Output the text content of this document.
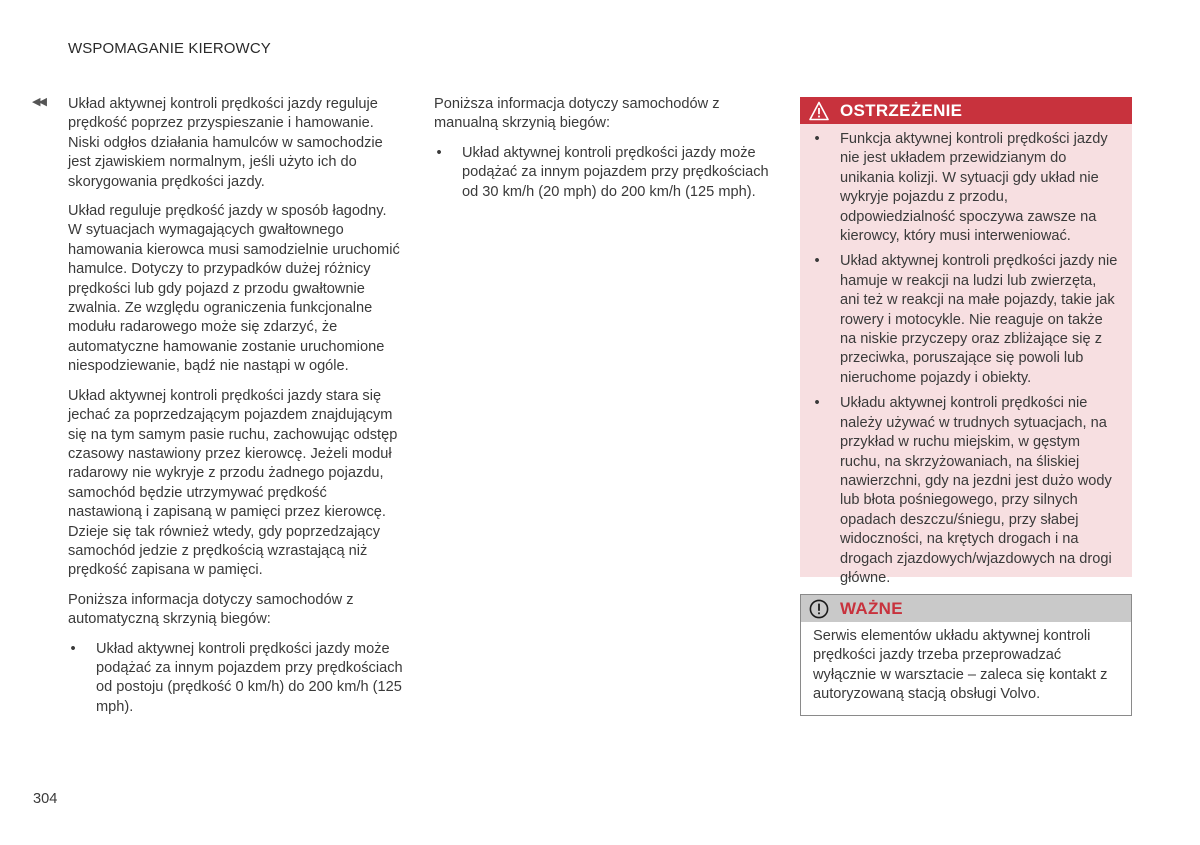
WSPOMAGANIE KIEROWCY
◀◀ Układ aktywnej kontroli prędkości jazdy reguluje prędkość poprzez przyspieszanie i hamowanie. Niski odgłos działania hamulców w samochodzie jest zjawiskiem normalnym, jeśli użyto ich do skorygowania prędkości jazdy.

Układ reguluje prędkość jazdy w sposób łagodny. W sytuacjach wymagających gwałtownego hamowania kierowca musi samodzielnie uruchomić hamulce. Dotyczy to przypadków dużej różnicy prędkości lub gdy pojazd z przodu gwałtownie zwalnia. Ze względu ograniczenia funkcjonalne modułu radarowego może się zdarzyć, że automatyczne hamowanie zostanie uruchomione niespodziewanie, bądź nie nastąpi w ogóle.

Układ aktywnej kontroli prędkości jazdy stara się jechać za poprzedzającym pojazdem znajdującym się na tym samym pasie ruchu, zachowując odstęp czasowy nastawiony przez kierowcę. Jeżeli moduł radarowy nie wykryje z przodu żadnego pojazdu, samochód będzie utrzymywać prędkość nastawioną i zapisaną w pamięci przez kierowcę. Dzieje się tak również wtedy, gdy poprzedzający samochód jedzie z prędkością wzrastającą niż prędkość zapisana w pamięci.

Poniższa informacja dotyczy samochodów z automatyczną skrzynią biegów:

• Układ aktywnej kontroli prędkości jazdy może podążać za innym pojazdem przy prędkościach od postoju (prędkość 0 km/h) do 200 km/h (125 mph).

Poniższa informacja dotyczy samochodów z manualną skrzynią biegów:

• Układ aktywnej kontroli prędkości jazdy może podążać za innym pojazdem przy prędkościach od 30 km/h (20 mph) do 200 km/h (125 mph).
OSTRZEŻENIE
• Funkcja aktywnej kontroli prędkości jazdy nie jest układem przewidzianym do unikania kolizji. W sytuacji gdy układ nie wykryje pojazdu z przodu, odpowiedzialność spoczywa zawsze na kierowcy, który musi interweniować.
• Układ aktywnej kontroli prędkości jazdy nie hamuje w reakcji na ludzi lub zwierzęta, ani też w reakcji na małe pojazdy, takie jak rowery i motocykle. Nie reaguje on także na niskie przyczepy oraz zbliżające się z przeciwka, poruszające się powoli lub nieruchome pojazdy i obiekty.
• Układu aktywnej kontroli prędkości nie należy używać w trudnych sytuacjach, na przykład w ruchu miejskim, w gęstym ruchu, na skrzyżowaniach, na śliskiej nawierzchni, gdy na jezdni jest dużo wody lub błota pośniegowego, przy silnych opadach deszczu/śniegu, przy słabej widoczności, na krętych drogach i na drogach zjazdowych/wjazdowych na drogi główne.
WAŻNE
Serwis elementów układu aktywnej kontroli prędkości jazdy trzeba przeprowadzać wyłącznie w warsztacie – zaleca się kontakt z autoryzowaną stacją obsługi Volvo.
304
